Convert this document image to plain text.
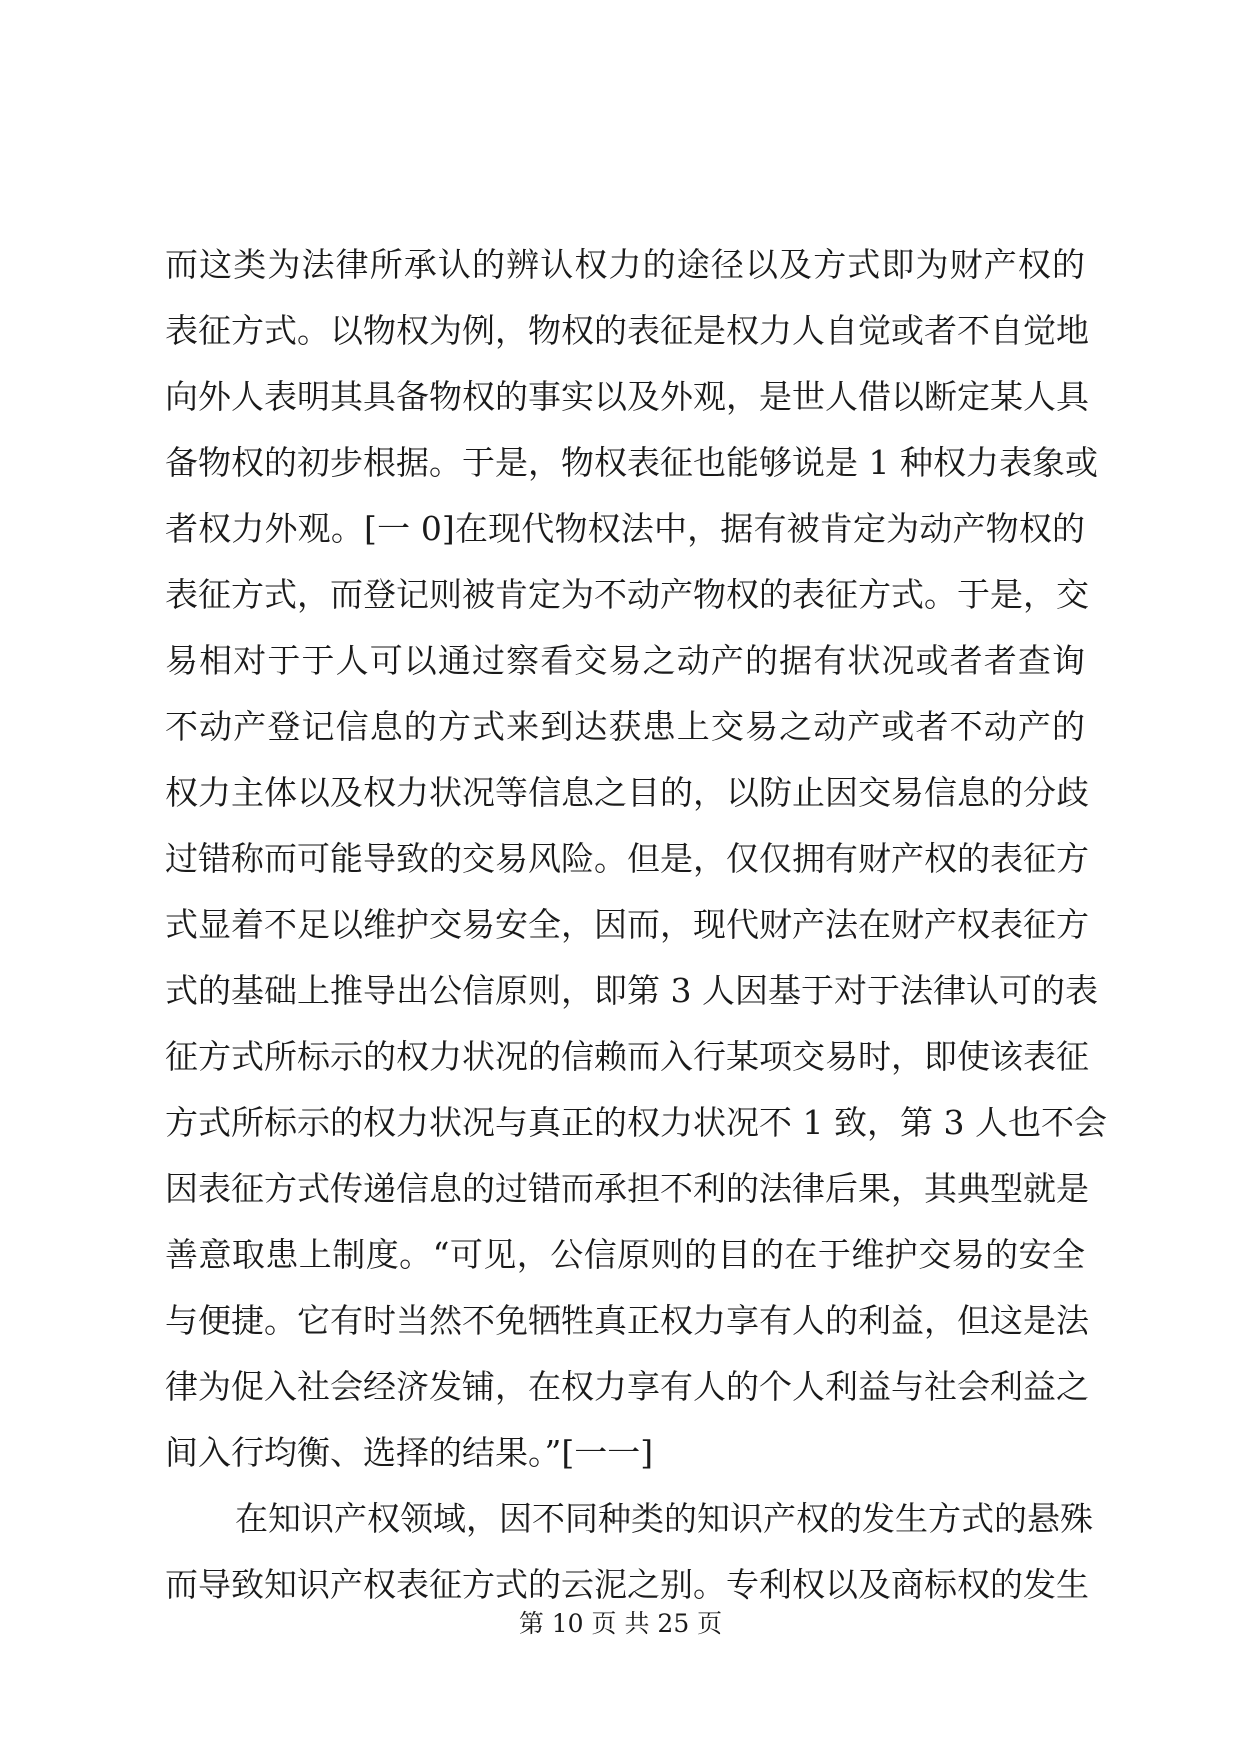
而这类为法律所承认的辨认权力的途径以及方式即为财产权的
表征方式。以物权为例，物权的表征是权力人自觉或者不自觉地
向外人表明其具备物权的事实以及外观，是世人借以断定某人具
备物权的初步根据。于是，物权表征也能够说是 1 种权力表象或
者权力外观。[一 0]在现代物权法中，据有被肯定为动产物权的
表征方式，而登记则被肯定为不动产物权的表征方式。于是，交
易相对于于人可以通过察看交易之动产的据有状况或者者查询
不动产登记信息的方式来到达获患上交易之动产或者不动产的
权力主体以及权力状况等信息之目的，以防止因交易信息的分歧
过错称而可能导致的交易风险。但是，仅仅拥有财产权的表征方
式显着不足以维护交易安全，因而，现代财产法在财产权表征方
式的基础上推导出公信原则，即第 3 人因基于对于法律认可的表
征方式所标示的权力状况的信赖而入行某项交易时，即使该表征
方式所标示的权力状况与真正的权力状况不 1 致，第 3 人也不会
因表征方式传递信息的过错而承担不利的法律后果，其典型就是
善意取患上制度。“可见，公信原则的目的在于维护交易的安全
与便捷。它有时当然不免牺牲真正权力享有人的利益，但这是法
律为促入社会经济发铺，在权力享有人的个人利益与社会利益之
间入行均衡、选择的结果。”[一一]
在知识产权领域，因不同种类的知识产权的发生方式的悬殊
而导致知识产权表征方式的云泥之别。专利权以及商标权的发生
第 10 页 共 25 页
